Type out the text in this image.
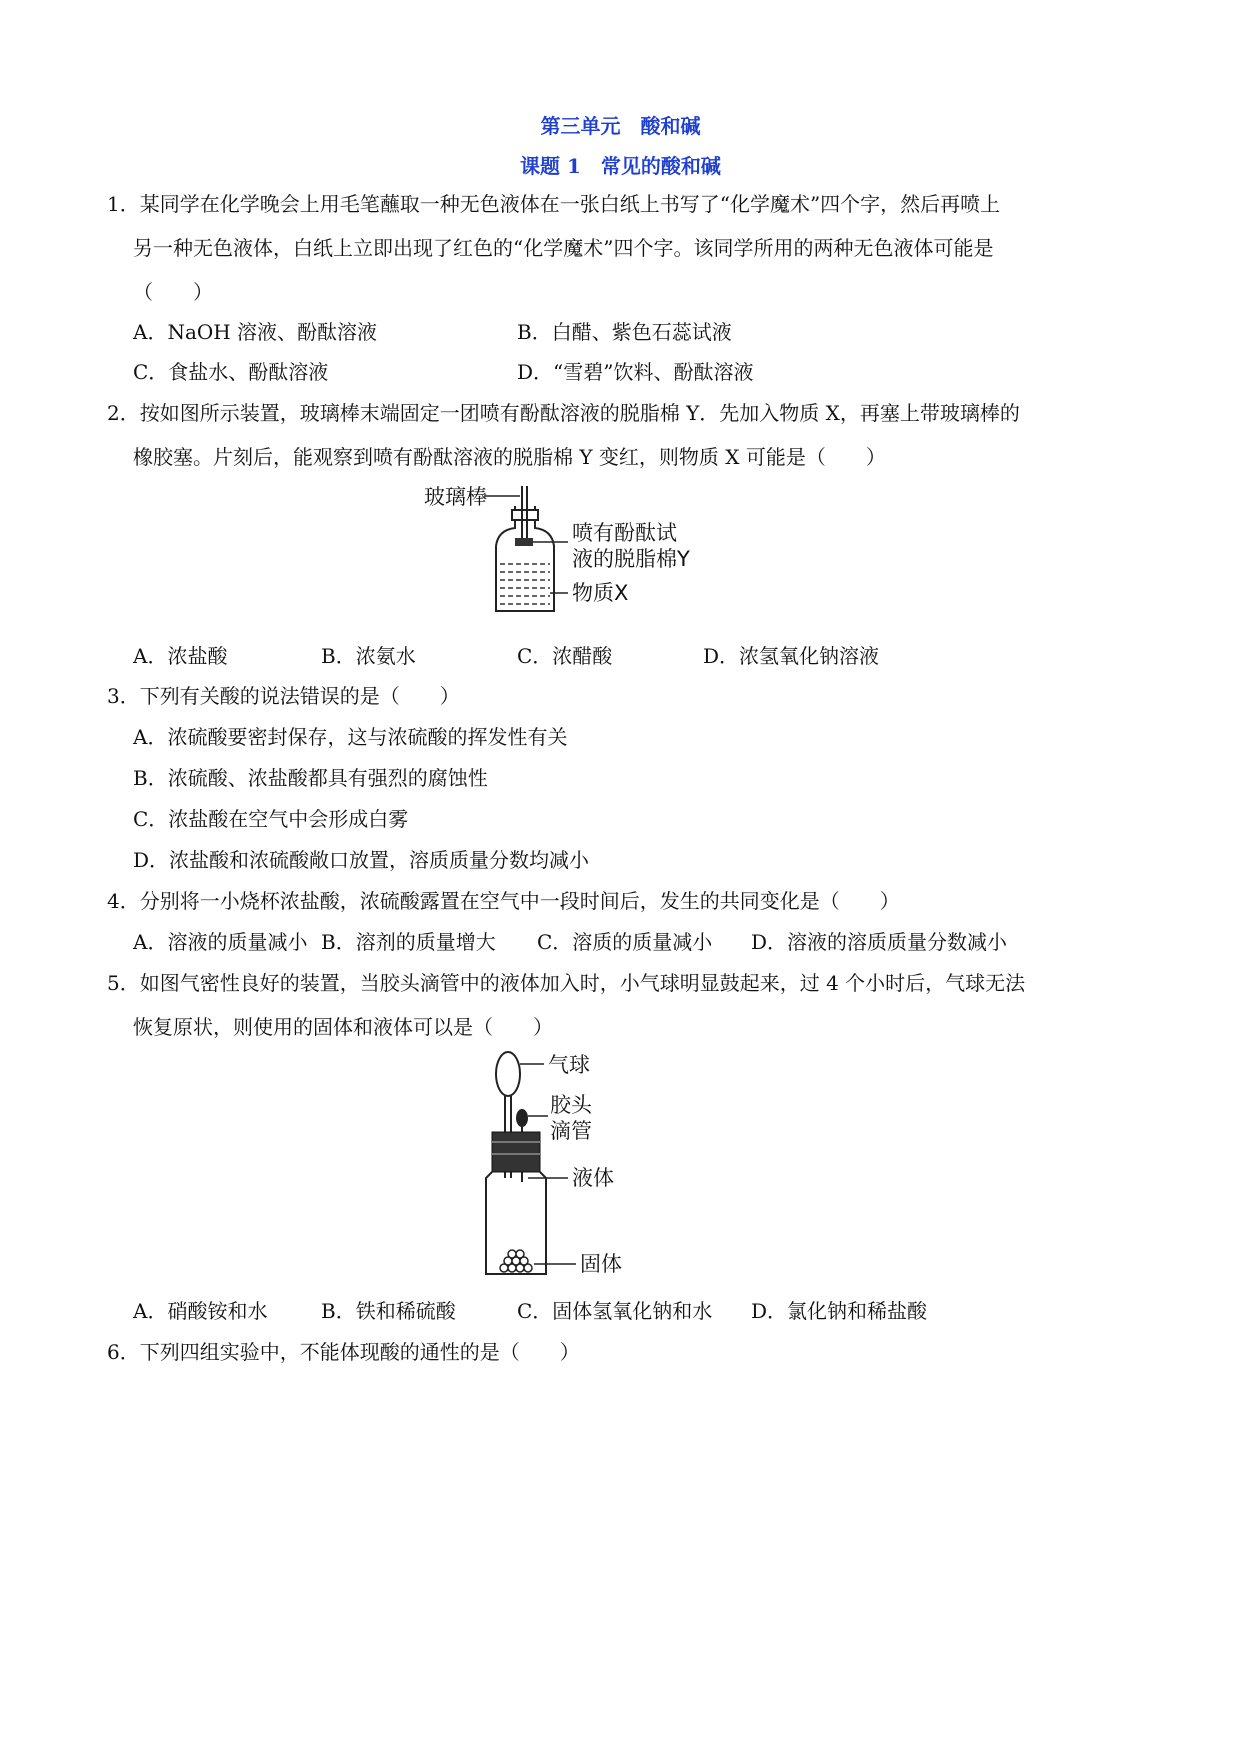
第三单元　酸和碱
课题 1　常见的酸和碱
1．某同学在化学晚会上用毛笔蘸取一种无色液体在一张白纸上书写了“化学魔术”四个字，然后再喷上
另一种无色液体，白纸上立即出现了红色的“化学魔术”四个字。该同学所用的两种无色液体可能是
（　　）
A．NaOH 溶液、酚酞溶液	B．白醋、紫色石蕊试液
C．食盐水、酚酞溶液	D．“雪碧”饮料、酚酞溶液
2．按如图所示装置，玻璃棒末端固定一团喷有酚酞溶液的脱脂棉 Y．先加入物质 X，再塞上带玻璃棒的
橡胶塞。片刻后，能观察到喷有酚酞溶液的脱脂棉 Y 变红，则物质 X 可能是（　　）
玻璃棒
喷有酚酞试
液的脱脂棉Y
物质X
A．浓盐酸	B．浓氨水	C．浓醋酸	D．浓氢氧化钠溶液
3．下列有关酸的说法错误的是（　　）
A．浓硫酸要密封保存，这与浓硫酸的挥发性有关
B．浓硫酸、浓盐酸都具有强烈的腐蚀性
C．浓盐酸在空气中会形成白雾
D．浓盐酸和浓硫酸敞口放置，溶质质量分数均减小
4．分别将一小烧杯浓盐酸，浓硫酸露置在空气中一段时间后，发生的共同变化是（　　）
A．溶液的质量减小 B．溶剂的质量增大 C．溶质的质量减小 D．溶液的溶质质量分数减小
5．如图气密性良好的装置，当胶头滴管中的液体加入时，小气球明显鼓起来，过 4 个小时后，气球无法
恢复原状，则使用的固体和液体可以是（　　）
气球
胶头
滴管
液体
固体
A．硝酸铵和水	B．铁和稀硫酸	C．固体氢氧化钠和水 D．氯化钠和稀盐酸
6．下列四组实验中，不能体现酸的通性的是（　　）
